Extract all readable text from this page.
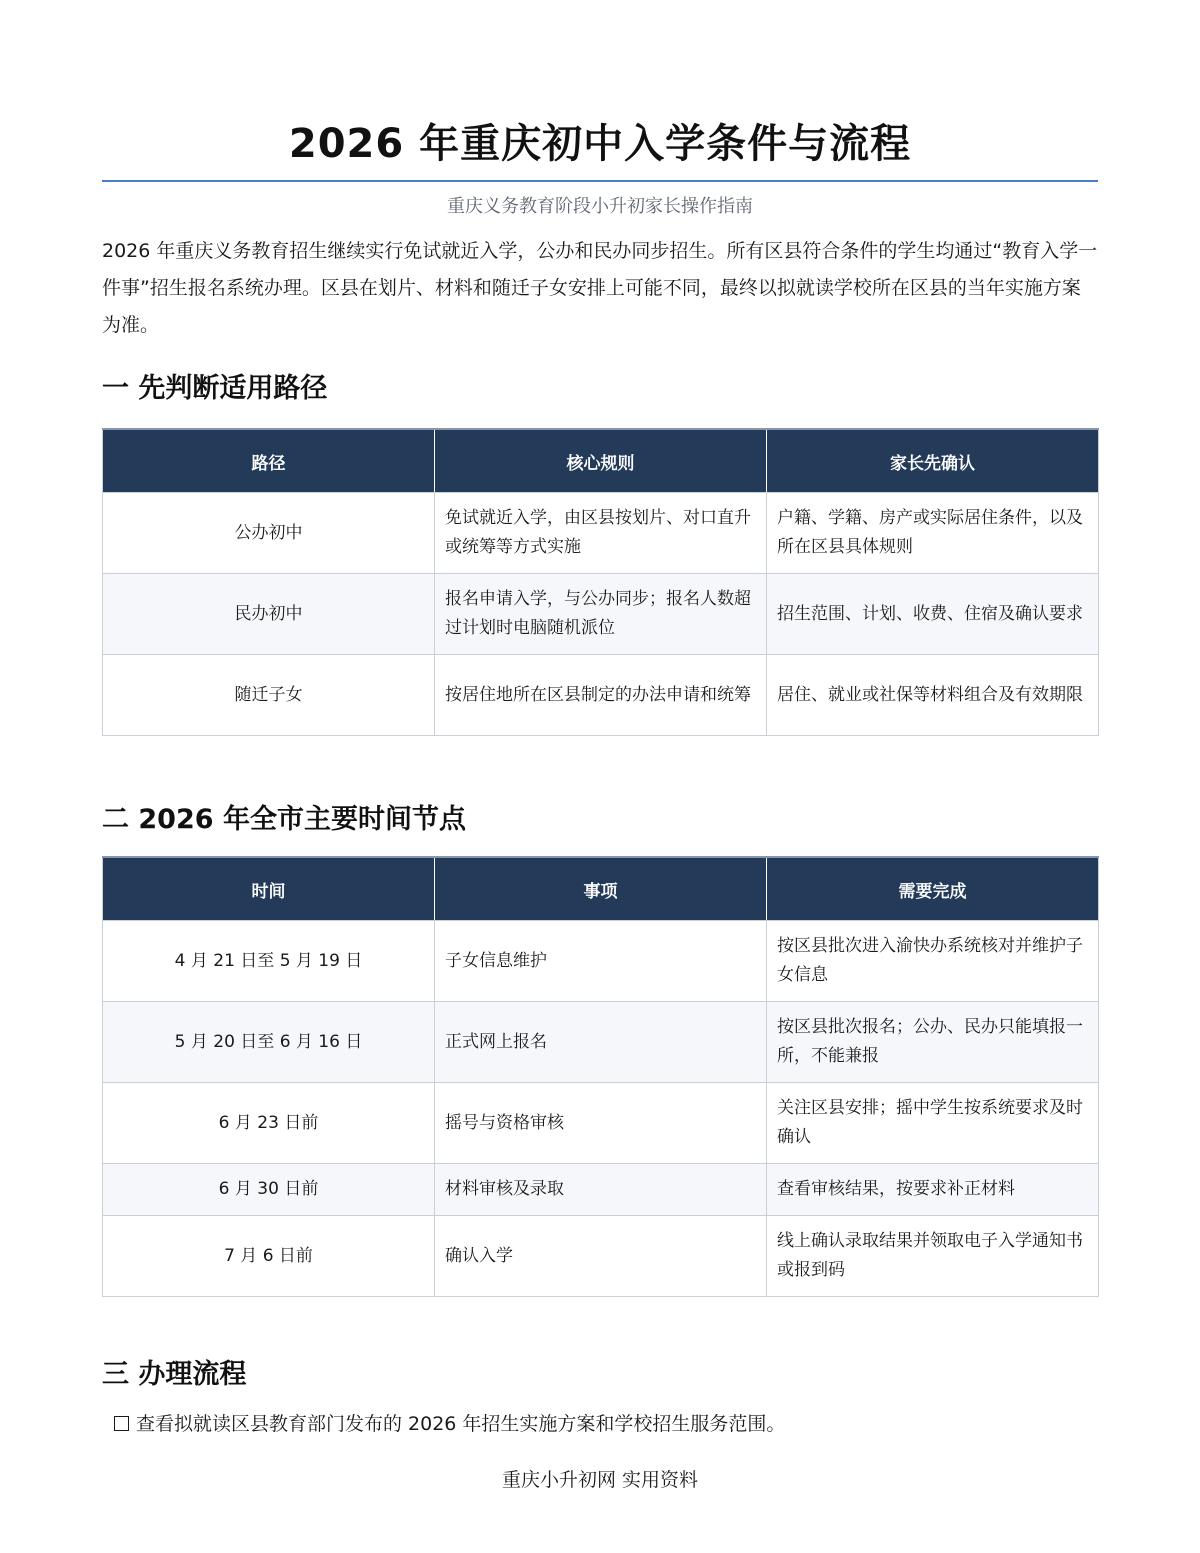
2026 年重庆初中入学条件与流程
重庆义务教育阶段小升初家长操作指南

2026 年重庆义务教育招生继续实行免试就近入学，公办和民办同步招生。所有区县符合条件的学生均通过“教育入学一件事”招生报名系统办理。区县在划片、材料和随迁子女安排上可能不同，最终以拟就读学校所在区县的当年实施方案为准。

一 先判断适用路径
路径	核心规则	家长先确认
公办初中	免试就近入学，由区县按划片、对口直升或统筹等方式实施	户籍、学籍、房产或实际居住条件，以及所在区县具体规则
民办初中	报名申请入学，与公办同步；报名人数超过计划时电脑随机派位	招生范围、计划、收费、住宿及确认要求
随迁子女	按居住地所在区县制定的办法申请和统筹	居住、就业或社保等材料组合及有效期限
二 2026 年全市主要时间节点
时间	事项	需要完成
4 月 21 日至 5 月 19 日	子女信息维护	按区县批次进入渝快办系统核对并维护子女信息
5 月 20 日至 6 月 16 日	正式网上报名	按区县批次报名；公办、民办只能填报一所，不能兼报
6 月 23 日前	摇号与资格审核	关注区县安排；摇中学生按系统要求及时确认
6 月 30 日前	材料审核及录取	查看审核结果，按要求补正材料
7 月 6 日前	确认入学	线上确认录取结果并领取电子入学通知书或报到码
三 办理流程
查看拟就读区县教育部门发布的 2026 年招生实施方案和学校招生服务范围。
重庆小升初网 实用资料
